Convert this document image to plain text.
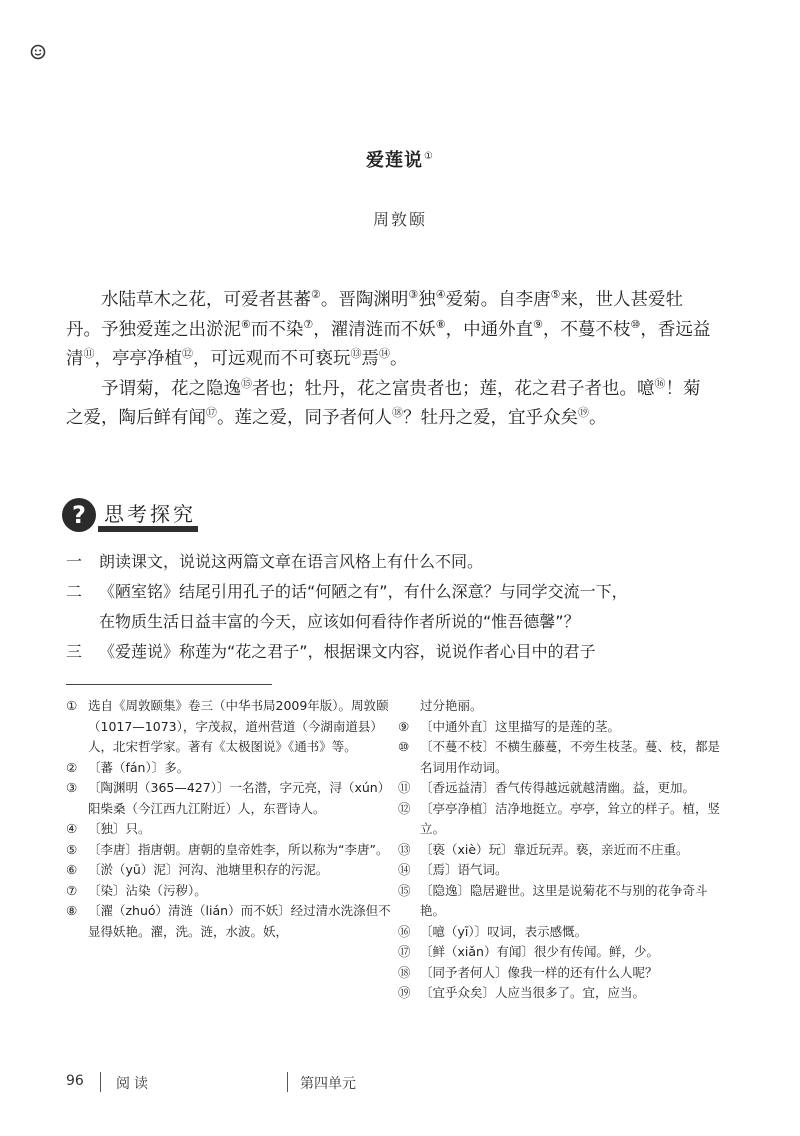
爱莲说①
周敦颐

水陆草木之花，可爱者甚蕃②。晋陶渊明③独④爱菊。自李唐⑤来，世人甚爱牡丹。予独爱莲之出淤泥⑥而不染⑦，濯清涟而不妖⑧，中通外直⑨，不蔓不枝⑩，香远益清⑪，亭亭净植⑫，可远观而不可亵玩⑬焉⑭。

予谓菊，花之隐逸⑮者也；牡丹，花之富贵者也；莲，花之君子者也。噫⑯！菊之爱，陶后鲜有闻⑰。莲之爱，同予者何人⑱？牡丹之爱，宜乎众矣⑲。

? 思考探究
一	朗读课文，说说这两篇文章在语言风格上有什么不同。
二	《陋室铭》结尾引用孔子的话“何陋之有”，有什么深意？与同学交流一下，
在物质生活日益丰富的今天，应该如何看待作者所说的“惟吾德馨”？
三	《爱莲说》称莲为“花之君子”，根据课文内容，说说作者心目中的君子
① 选自《周敦颐集》卷三（中华书局2009年版）。周敦颐（1017—1073），字茂叔，道州营道（今湖南道县）人，北宋哲学家。著有《太极图说》《通书》等。
② 〔蕃（fán）〕多。
③ 〔陶渊明（365—427）〕一名潜，字元亮，浔（xún）阳柴桑（今江西九江附近）人，东晋诗人。
④ 〔独〕只。
⑤ 〔李唐〕指唐朝。唐朝的皇帝姓李，所以称为“李唐”。
⑥ 〔淤（yū）泥〕河沟、池塘里积存的污泥。
⑦ 〔染〕沾染（污秽）。
⑧ 〔濯（zhuó）清涟（lián）而不妖〕经过清水洗涤但不显得妖艳。濯，洗。涟，水波。妖，
过分艳丽。
⑨ 〔中通外直〕这里描写的是莲的茎。
⑩ 〔不蔓不枝〕不横生藤蔓，不旁生枝茎。蔓、枝，都是名词用作动词。
⑪ 〔香远益清〕香气传得越远就越清幽。益，更加。
⑫ 〔亭亭净植〕洁净地挺立。亭亭，耸立的样子。植，竖立。
⑬ 〔亵（xiè）玩〕靠近玩弄。亵，亲近而不庄重。
⑭ 〔焉〕语气词。
⑮ 〔隐逸〕隐居避世。这里是说菊花不与别的花争奇斗艳。
⑯ 〔噫（yī）〕叹词，表示感慨。
⑰ 〔鲜（xiǎn）有闻〕很少有传闻。鲜，少。
⑱ 〔同予者何人〕像我一样的还有什么人呢？
⑲ 〔宜乎众矣〕人应当很多了。宜，应当。
96 阅读	第四单元
